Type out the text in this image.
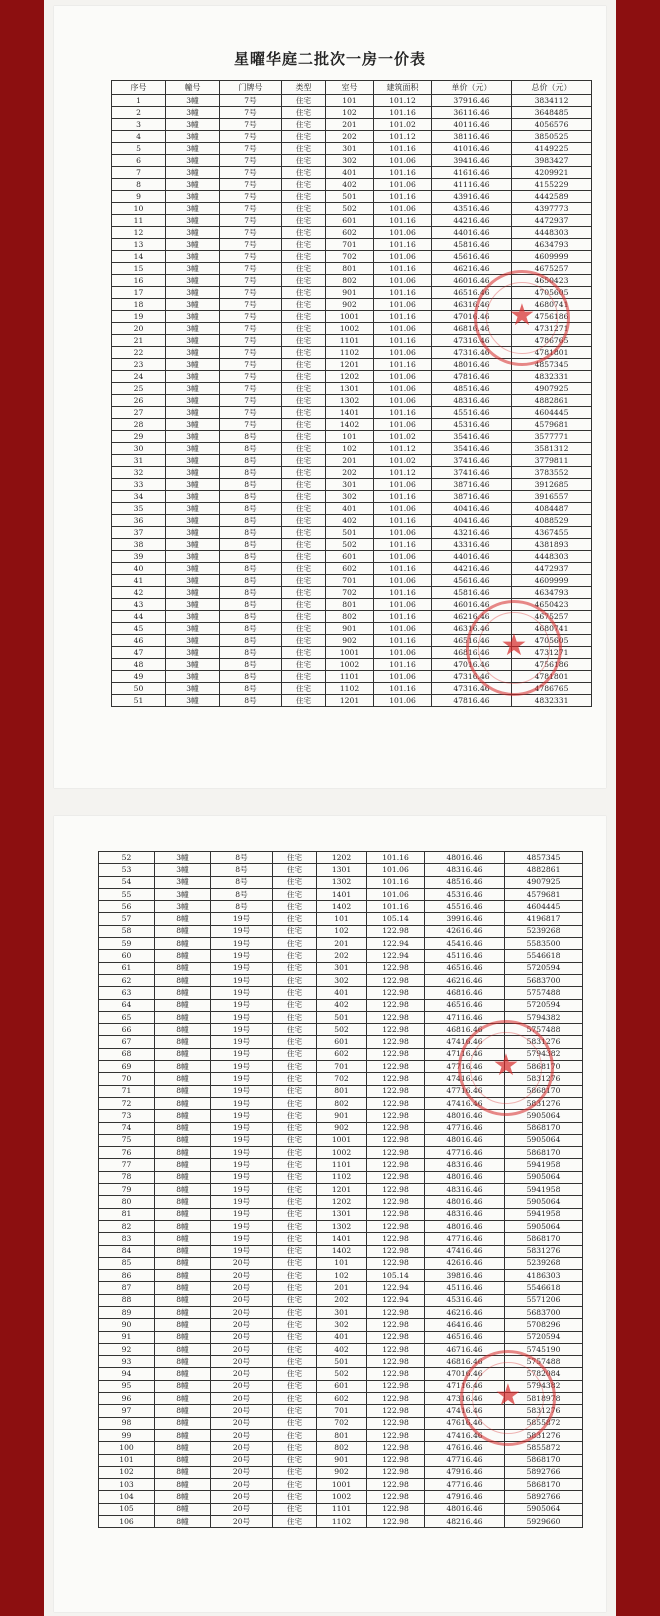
星曜华庭二批次一房一价表
序号	幢号	门牌号	类型	室号	建筑面积	单价（元）	总价（元）
1	3幢	7号	住宅	101	101.12	37916.46	3834112
2	3幢	7号	住宅	102	101.16	36116.46	3648485
3	3幢	7号	住宅	201	101.02	40116.46	4056576
4	3幢	7号	住宅	202	101.12	38116.46	3850525
5	3幢	7号	住宅	301	101.16	41016.46	4149225
6	3幢	7号	住宅	302	101.06	39416.46	3983427
7	3幢	7号	住宅	401	101.16	41616.46	4209921
8	3幢	7号	住宅	402	101.06	41116.46	4155229
9	3幢	7号	住宅	501	101.16	43916.46	4442589
10	3幢	7号	住宅	502	101.06	43516.46	4397773
11	3幢	7号	住宅	601	101.16	44216.46	4472937
12	3幢	7号	住宅	602	101.06	44016.46	4448303
13	3幢	7号	住宅	701	101.16	45816.46	4634793
14	3幢	7号	住宅	702	101.06	45616.46	4609999
15	3幢	7号	住宅	801	101.16	46216.46	4675257
16	3幢	7号	住宅	802	101.06	46016.46	4650423
17	3幢	7号	住宅	901	101.16	46516.46	4705605
18	3幢	7号	住宅	902	101.06	46316.46	4680741
19	3幢	7号	住宅	1001	101.16	47016.46	4756186
20	3幢	7号	住宅	1002	101.06	46816.46	4731271
21	3幢	7号	住宅	1101	101.16	47316.46	4786765
22	3幢	7号	住宅	1102	101.06	47316.46	4781801
23	3幢	7号	住宅	1201	101.16	48016.46	4857345
24	3幢	7号	住宅	1202	101.06	47816.46	4832331
25	3幢	7号	住宅	1301	101.06	48516.46	4907925
26	3幢	7号	住宅	1302	101.06	48316.46	4882861
27	3幢	7号	住宅	1401	101.16	45516.46	4604445
28	3幢	7号	住宅	1402	101.06	45316.46	4579681
29	3幢	8号	住宅	101	101.02	35416.46	3577771
30	3幢	8号	住宅	102	101.12	35416.46	3581312
31	3幢	8号	住宅	201	101.02	37416.46	3779811
32	3幢	8号	住宅	202	101.12	37416.46	3783552
33	3幢	8号	住宅	301	101.06	38716.46	3912685
34	3幢	8号	住宅	302	101.16	38716.46	3916557
35	3幢	8号	住宅	401	101.06	40416.46	4084487
36	3幢	8号	住宅	402	101.16	40416.46	4088529
37	3幢	8号	住宅	501	101.06	43216.46	4367455
38	3幢	8号	住宅	502	101.16	43316.46	4381893
39	3幢	8号	住宅	601	101.06	44016.46	4448303
40	3幢	8号	住宅	602	101.16	44216.46	4472937
41	3幢	8号	住宅	701	101.06	45616.46	4609999
42	3幢	8号	住宅	702	101.16	45816.46	4634793
43	3幢	8号	住宅	801	101.06	46016.46	4650423
44	3幢	8号	住宅	802	101.16	46216.46	4675257
45	3幢	8号	住宅	901	101.06	46316.46	4680741
46	3幢	8号	住宅	902	101.16	46516.46	4705605
47	3幢	8号	住宅	1001	101.06	46816.46	4731271
48	3幢	8号	住宅	1002	101.16	47016.46	4756186
49	3幢	8号	住宅	1101	101.06	47316.46	4781801
50	3幢	8号	住宅	1102	101.16	47316.46	4786765
51	3幢	8号	住宅	1201	101.06	47816.46	4832331
★
★
52	3幢	8号	住宅	1202	101.16	48016.46	4857345
53	3幢	8号	住宅	1301	101.06	48316.46	4882861
54	3幢	8号	住宅	1302	101.16	48516.46	4907925
55	3幢	8号	住宅	1401	101.06	45316.46	4579681
56	3幢	8号	住宅	1402	101.16	45516.46	4604445
57	8幢	19号	住宅	101	105.14	39916.46	4196817
58	8幢	19号	住宅	102	122.98	42616.46	5239268
59	8幢	19号	住宅	201	122.94	45416.46	5583500
60	8幢	19号	住宅	202	122.94	45116.46	5546618
61	8幢	19号	住宅	301	122.98	46516.46	5720594
62	8幢	19号	住宅	302	122.98	46216.46	5683700
63	8幢	19号	住宅	401	122.98	46816.46	5757488
64	8幢	19号	住宅	402	122.98	46516.46	5720594
65	8幢	19号	住宅	501	122.98	47116.46	5794382
66	8幢	19号	住宅	502	122.98	46816.46	5757488
67	8幢	19号	住宅	601	122.98	47416.46	5831276
68	8幢	19号	住宅	602	122.98	47116.46	5794382
69	8幢	19号	住宅	701	122.98	47716.46	5868170
70	8幢	19号	住宅	702	122.98	47416.46	5831276
71	8幢	19号	住宅	801	122.98	47716.46	5868170
72	8幢	19号	住宅	802	122.98	47416.46	5831276
73	8幢	19号	住宅	901	122.98	48016.46	5905064
74	8幢	19号	住宅	902	122.98	47716.46	5868170
75	8幢	19号	住宅	1001	122.98	48016.46	5905064
76	8幢	19号	住宅	1002	122.98	47716.46	5868170
77	8幢	19号	住宅	1101	122.98	48316.46	5941958
78	8幢	19号	住宅	1102	122.98	48016.46	5905064
79	8幢	19号	住宅	1201	122.98	48316.46	5941958
80	8幢	19号	住宅	1202	122.98	48016.46	5905064
81	8幢	19号	住宅	1301	122.98	48316.46	5941958
82	8幢	19号	住宅	1302	122.98	48016.46	5905064
83	8幢	19号	住宅	1401	122.98	47716.46	5868170
84	8幢	19号	住宅	1402	122.98	47416.46	5831276
85	8幢	20号	住宅	101	122.98	42616.46	5239268
86	8幢	20号	住宅	102	105.14	39816.46	4186303
87	8幢	20号	住宅	201	122.94	45116.46	5546618
88	8幢	20号	住宅	202	122.94	45316.46	5571206
89	8幢	20号	住宅	301	122.98	46216.46	5683700
90	8幢	20号	住宅	302	122.98	46416.46	5708296
91	8幢	20号	住宅	401	122.98	46516.46	5720594
92	8幢	20号	住宅	402	122.98	46716.46	5745190
93	8幢	20号	住宅	501	122.98	46816.46	5757488
94	8幢	20号	住宅	502	122.98	47016.46	5782084
95	8幢	20号	住宅	601	122.98	47116.46	5794382
96	8幢	20号	住宅	602	122.98	47316.46	5818978
97	8幢	20号	住宅	701	122.98	47416.46	5831276
98	8幢	20号	住宅	702	122.98	47616.46	5855872
99	8幢	20号	住宅	801	122.98	47416.46	5831276
100	8幢	20号	住宅	802	122.98	47616.46	5855872
101	8幢	20号	住宅	901	122.98	47716.46	5868170
102	8幢	20号	住宅	902	122.98	47916.46	5892766
103	8幢	20号	住宅	1001	122.98	47716.46	5868170
104	8幢	20号	住宅	1002	122.98	47916.46	5892766
105	8幢	20号	住宅	1101	122.98	48016.46	5905064
106	8幢	20号	住宅	1102	122.98	48216.46	5929660
★
★
